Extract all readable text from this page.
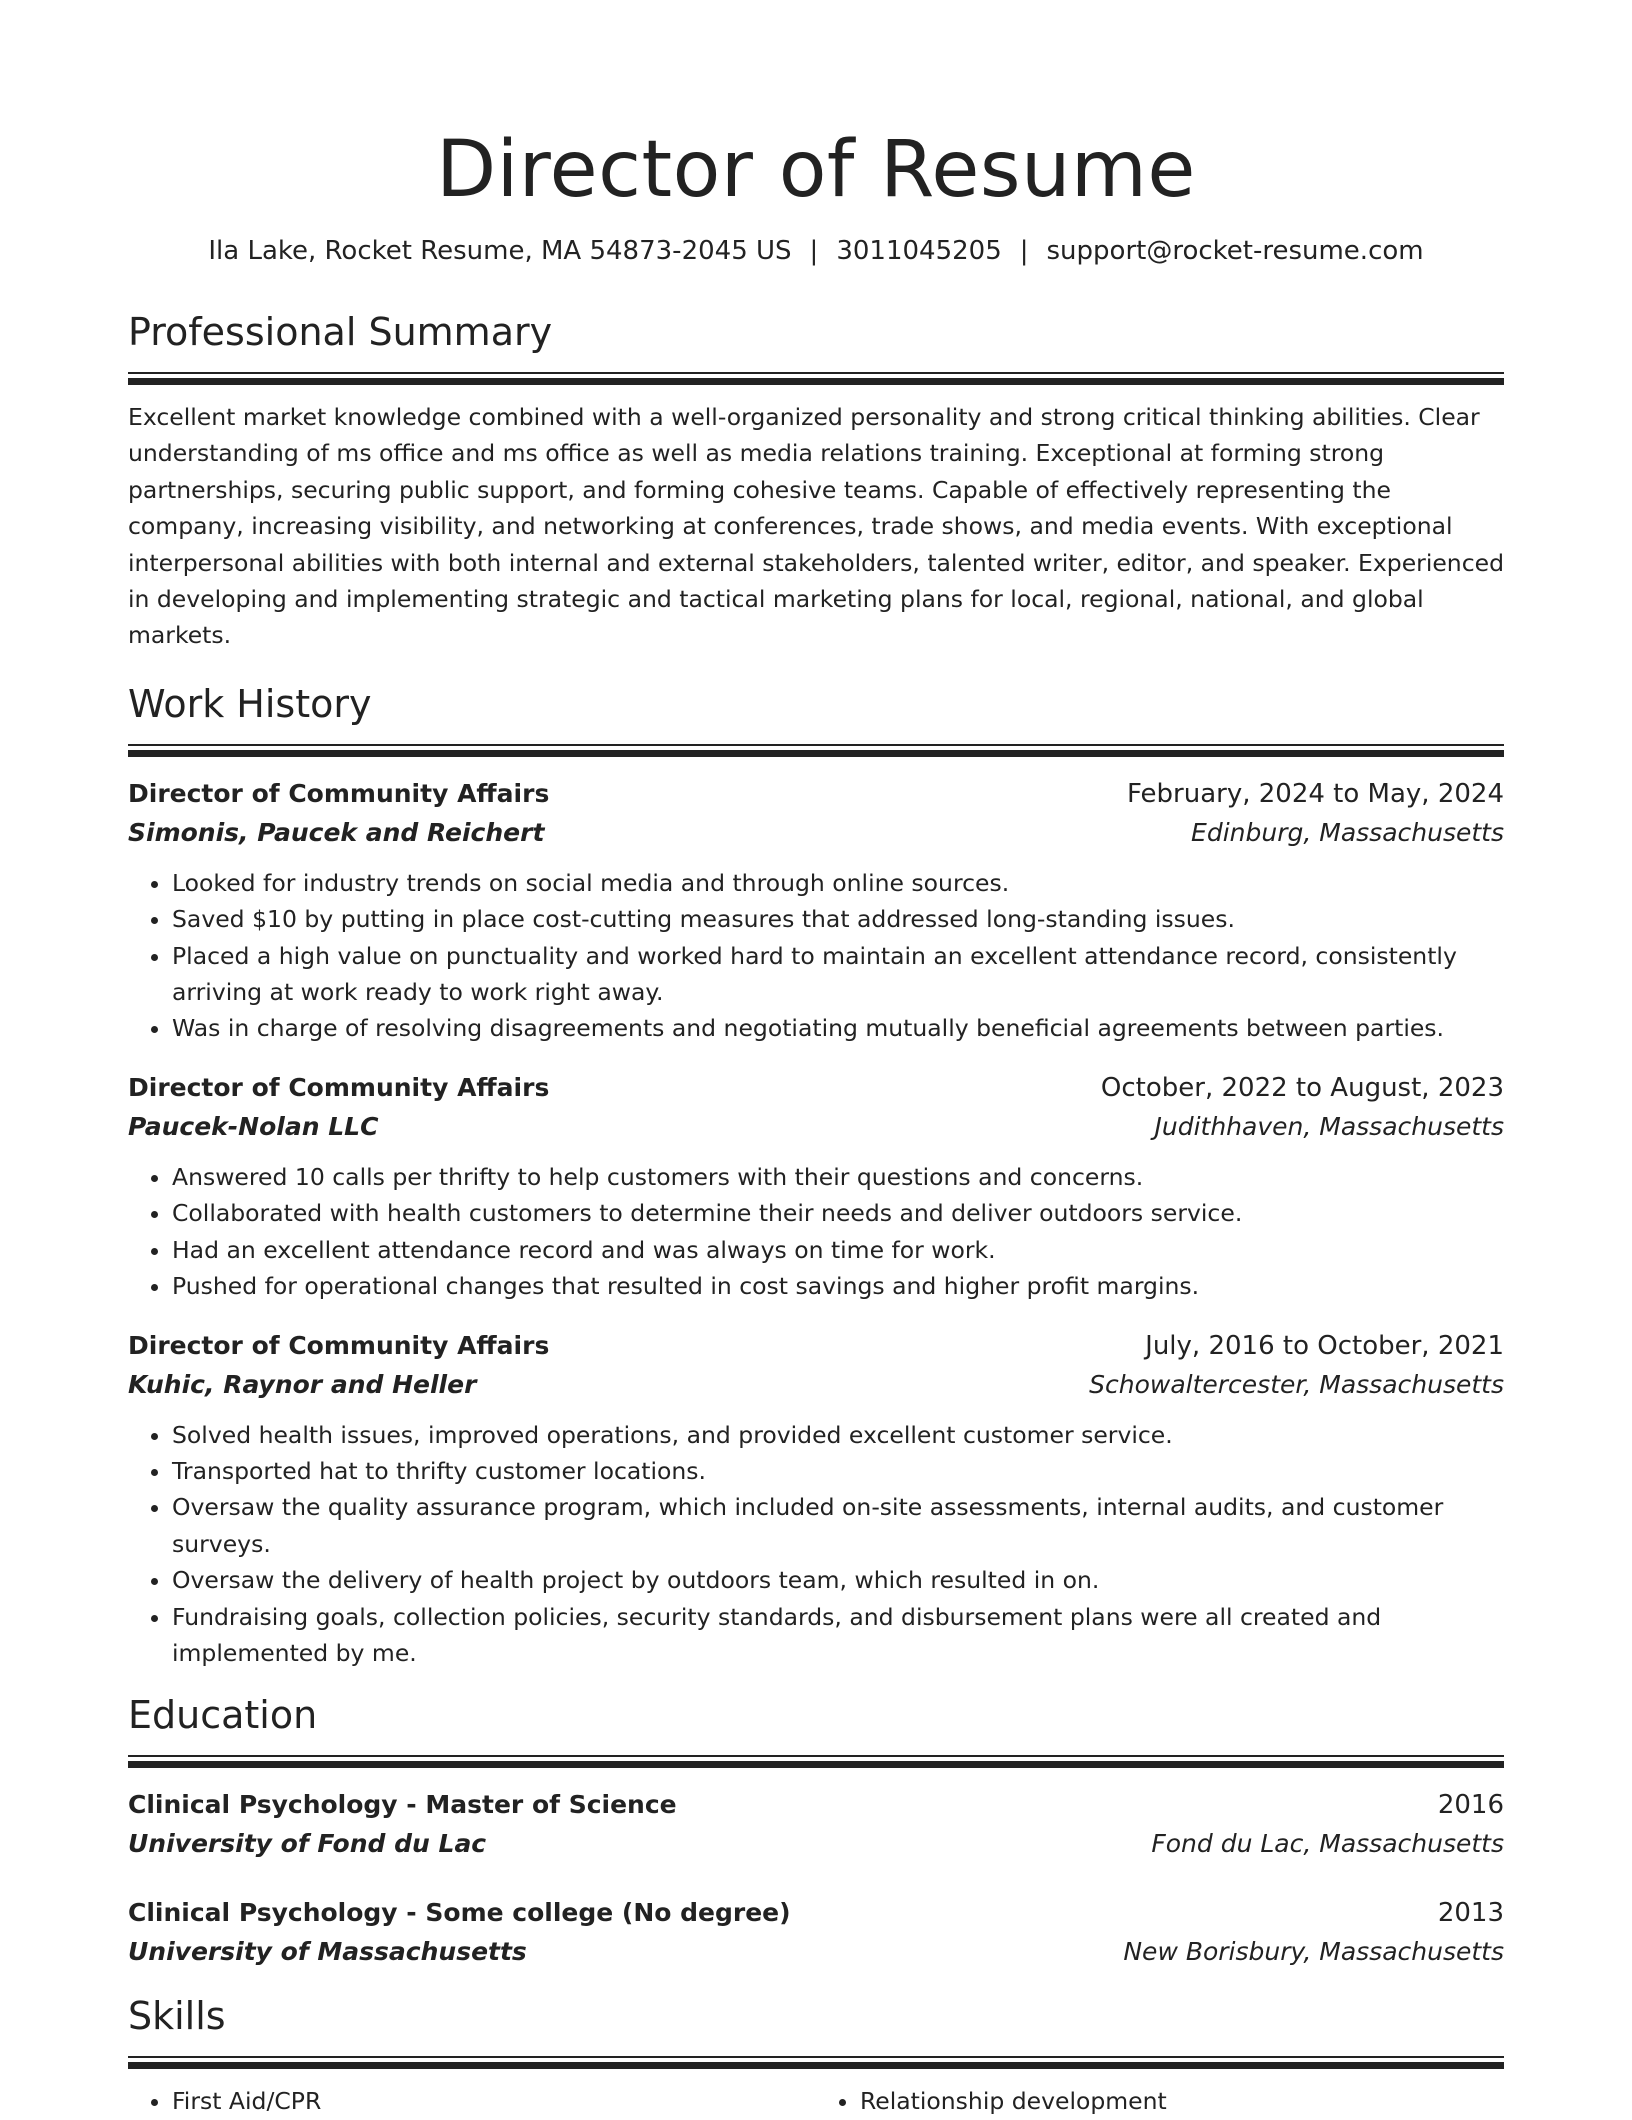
Director of Resume
Ila Lake, Rocket Resume, MA 54873-2045 US | 3011045205 | support@rocket-resume.com
Professional Summary

Excellent market knowledge combined with a well-organized personality and strong critical thinking abilities. Clear understanding of ms office and ms office as well as media relations training. Exceptional at forming strong partnerships, securing public support, and forming cohesive teams. Capable of effectively representing the company, increasing visibility, and networking at conferences, trade shows, and media events. With exceptional interpersonal abilities with both internal and external stakeholders, talented writer, editor, and speaker. Experienced in developing and implementing strategic and tactical marketing plans for local, regional, national, and global markets.

Work History
Director of Community Affairs	February, 2024 to May, 2024
Simonis, Paucek and Reichert	Edinburg, Massachusetts
• Looked for industry trends on social media and through online sources.
• Saved $10 by putting in place cost-cutting measures that addressed long-standing issues.
• Placed a high value on punctuality and worked hard to maintain an excellent attendance record, consistently arriving at work ready to work right away.
• Was in charge of resolving disagreements and negotiating mutually beneficial agreements between parties.
Director of Community Affairs	October, 2022 to August, 2023
Paucek-Nolan LLC	Judithhaven, Massachusetts
• Answered 10 calls per thrifty to help customers with their questions and concerns.
• Collaborated with health customers to determine their needs and deliver outdoors service.
• Had an excellent attendance record and was always on time for work.
• Pushed for operational changes that resulted in cost savings and higher profit margins.
Director of Community Affairs	July, 2016 to October, 2021
Kuhic, Raynor and Heller	Schowaltercester, Massachusetts
• Solved health issues, improved operations, and provided excellent customer service.
• Transported hat to thrifty customer locations.
• Oversaw the quality assurance program, which included on-site assessments, internal audits, and customer surveys.
• Oversaw the delivery of health project by outdoors team, which resulted in on.
• Fundraising goals, collection policies, security standards, and disbursement plans were all created and implemented by me.
Education
Clinical Psychology - Master of Science	2016
University of Fond du Lac	Fond du Lac, Massachusetts
Clinical Psychology - Some college (No degree)	2013
University of Massachusetts	New Borisbury, Massachusetts
Skills
• First Aid/CPR
•	Relationship development
